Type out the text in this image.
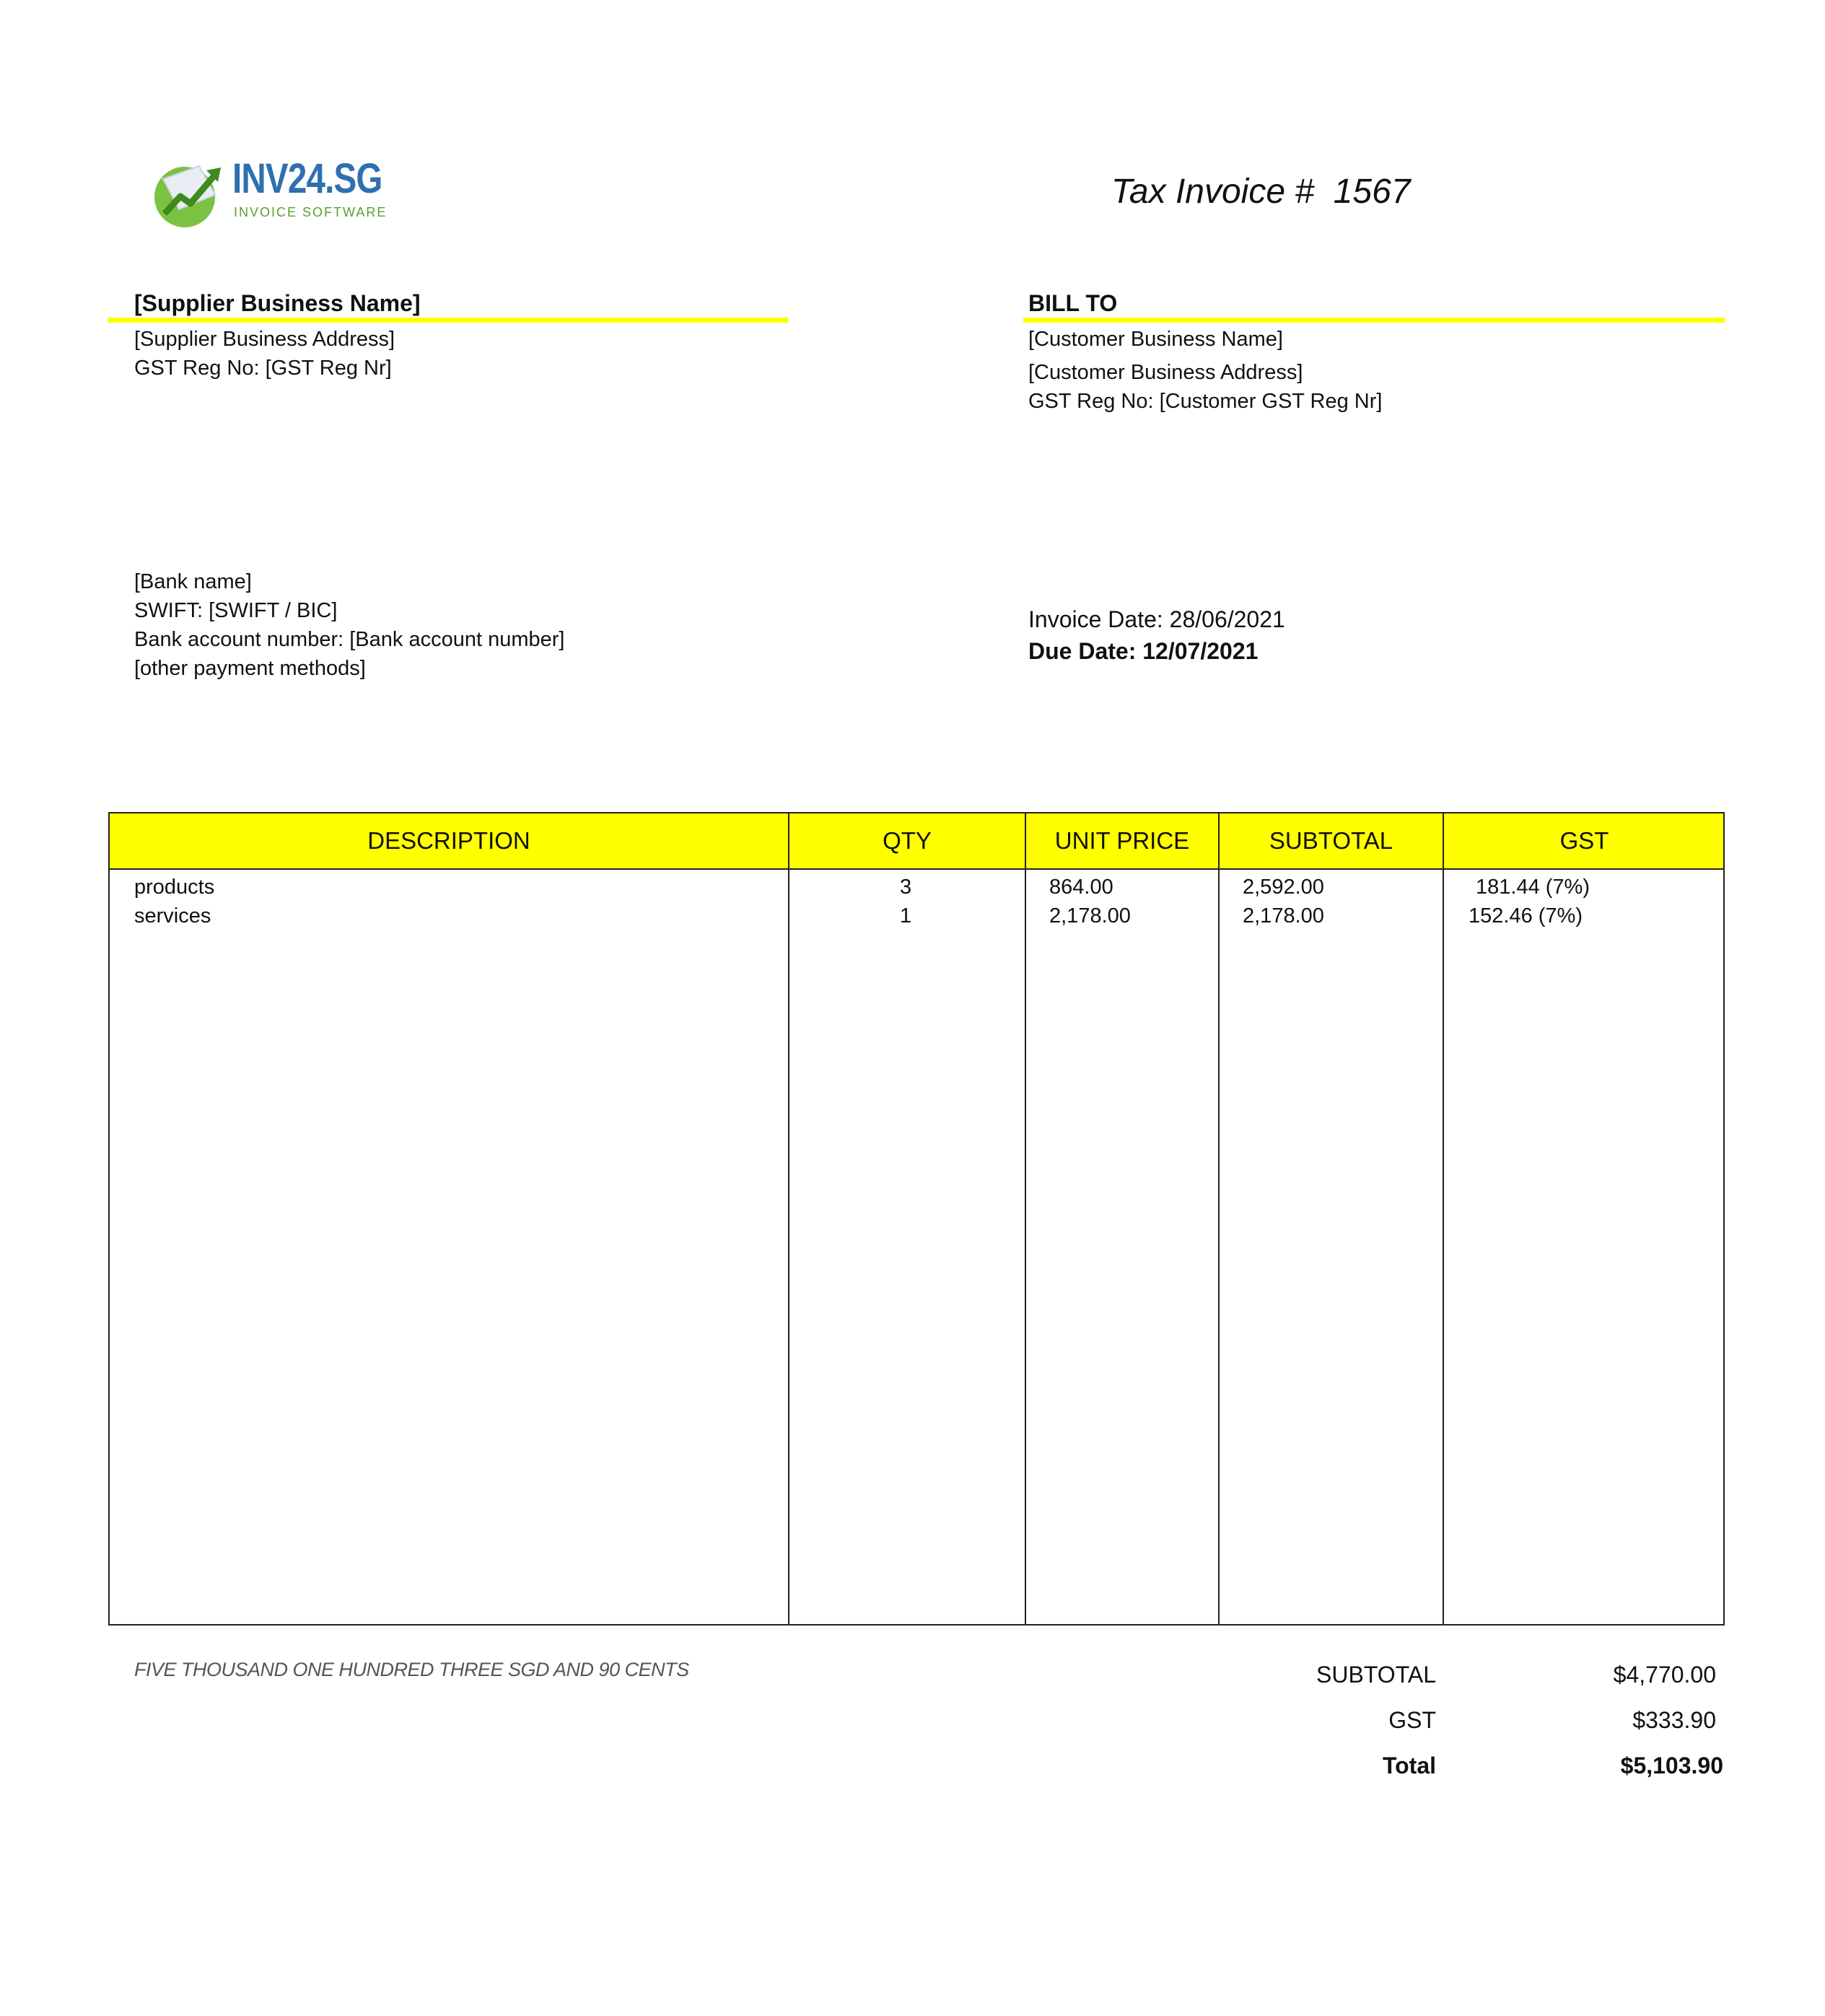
INV24.SG
INVOICE SOFTWARE
Tax Invoice #  1567
[Supplier Business Name]
[Supplier Business Address]
GST Reg No: [GST Reg Nr]
BILL TO
[Customer Business Name]
[Customer Business Address]
GST Reg No: [Customer GST Reg Nr]
[Bank name]
SWIFT: [SWIFT / BIC]
Bank account number: [Bank account number]
[other payment methods]
Invoice Date: 28/06/2021
Due Date: 12/07/2021
DESCRIPTION	QTY	UNIT PRICE	SUBTOTAL	GST
products	3	864.00	2,592.00	181.44 (7%)
services	1	2,178.00	2,178.00	152.46 (7%)
FIVE THOUSAND ONE HUNDRED THREE SGD AND 90 CENTS	SUBTOTAL	$4,770.00
GST	$333.90
Total	$5,103.90
